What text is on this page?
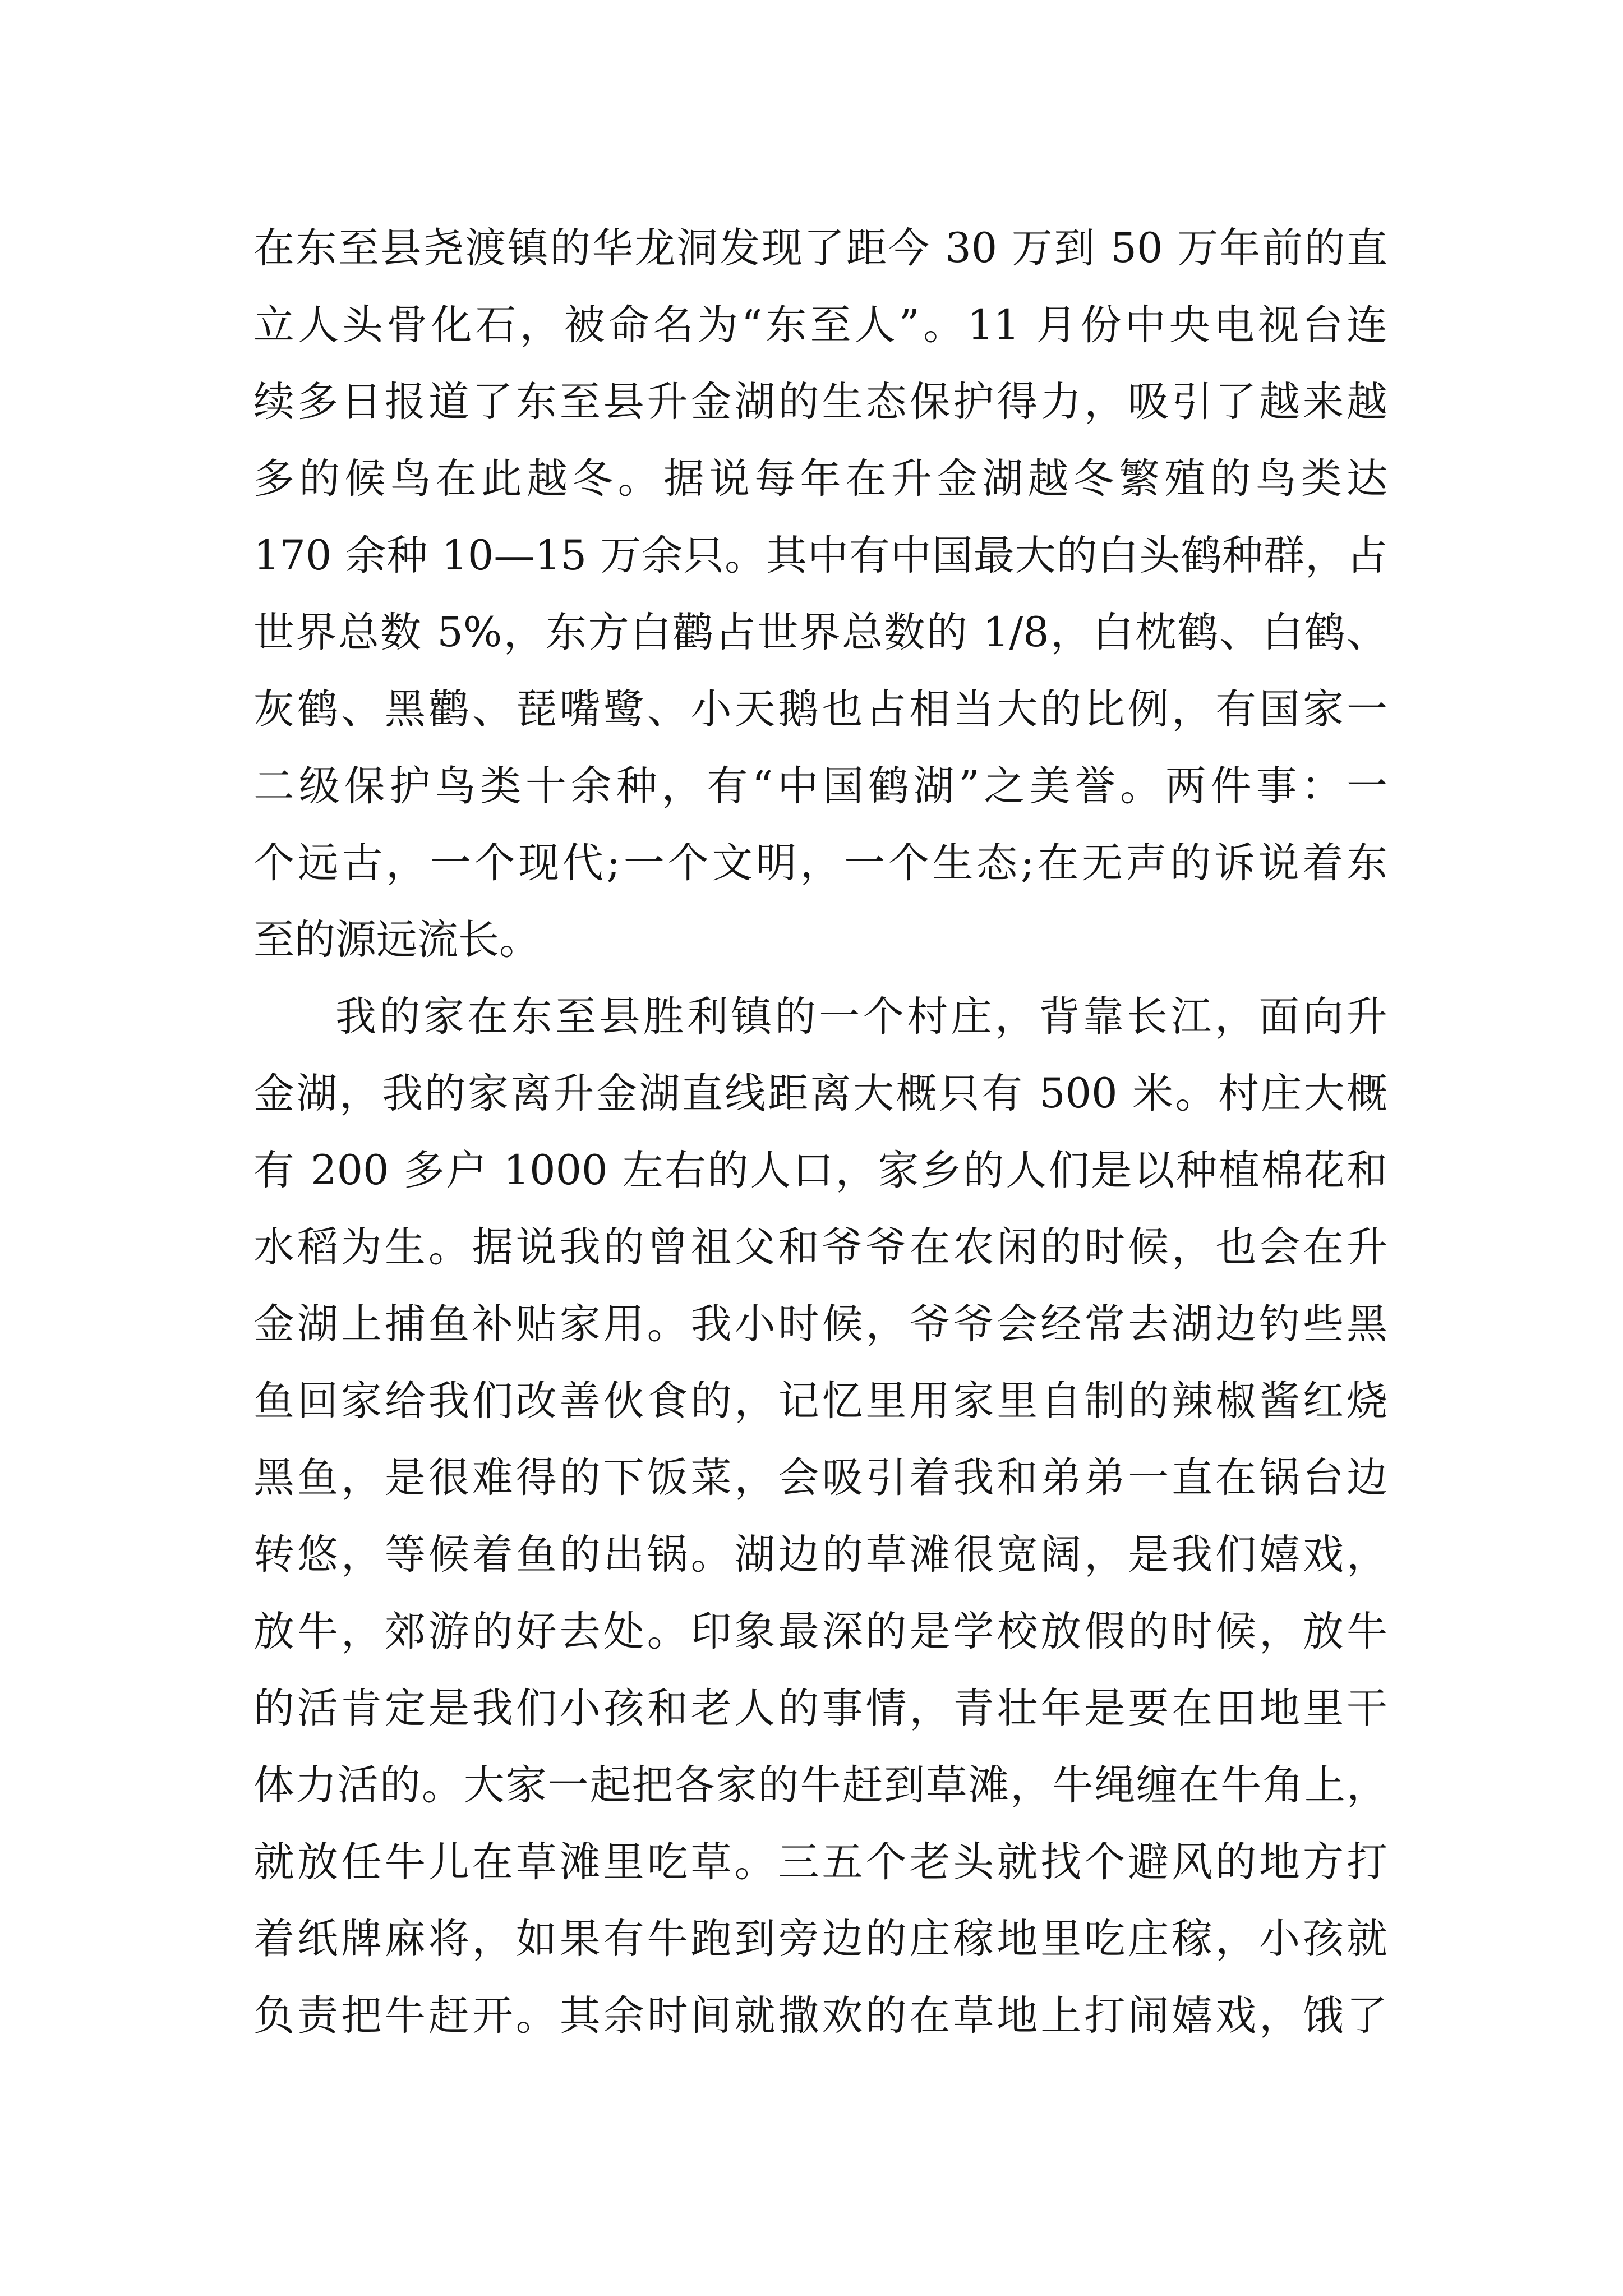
在东至县尧渡镇的华龙洞发现了距今 30 万到 50 万年前的直
立人头骨化石，被命名为“东至人”。11 月份中央电视台连
续多日报道了东至县升金湖的生态保护得力，吸引了越来越
多的候鸟在此越冬。据说每年在升金湖越冬繁殖的鸟类达
170 余种 10—15 万余只。其中有中国最大的白头鹤种群，占
世界总数 5%，东方白鹳占世界总数的 1/8，白枕鹤、白鹤、
灰鹤、黑鹳、琵嘴鹭、小天鹅也占相当大的比例，有国家一
二级保护鸟类十余种，有“中国鹤湖”之美誉。两件事：一
个远古，一个现代;一个文明，一个生态;在无声的诉说着东
至的源远流长。
我的家在东至县胜利镇的一个村庄，背靠长江，面向升
金湖，我的家离升金湖直线距离大概只有 500 米。村庄大概
有 200 多户 1000 左右的人口，家乡的人们是以种植棉花和
水稻为生。据说我的曾祖父和爷爷在农闲的时候，也会在升
金湖上捕鱼补贴家用。我小时候，爷爷会经常去湖边钓些黑
鱼回家给我们改善伙食的，记忆里用家里自制的辣椒酱红烧
黑鱼，是很难得的下饭菜，会吸引着我和弟弟一直在锅台边
转悠，等候着鱼的出锅。湖边的草滩很宽阔，是我们嬉戏，
放牛，郊游的好去处。印象最深的是学校放假的时候，放牛
的活肯定是我们小孩和老人的事情，青壮年是要在田地里干
体力活的。大家一起把各家的牛赶到草滩，牛绳缠在牛角上，
就放任牛儿在草滩里吃草。三五个老头就找个避风的地方打
着纸牌麻将，如果有牛跑到旁边的庄稼地里吃庄稼，小孩就
负责把牛赶开。其余时间就撒欢的在草地上打闹嬉戏，饿了
